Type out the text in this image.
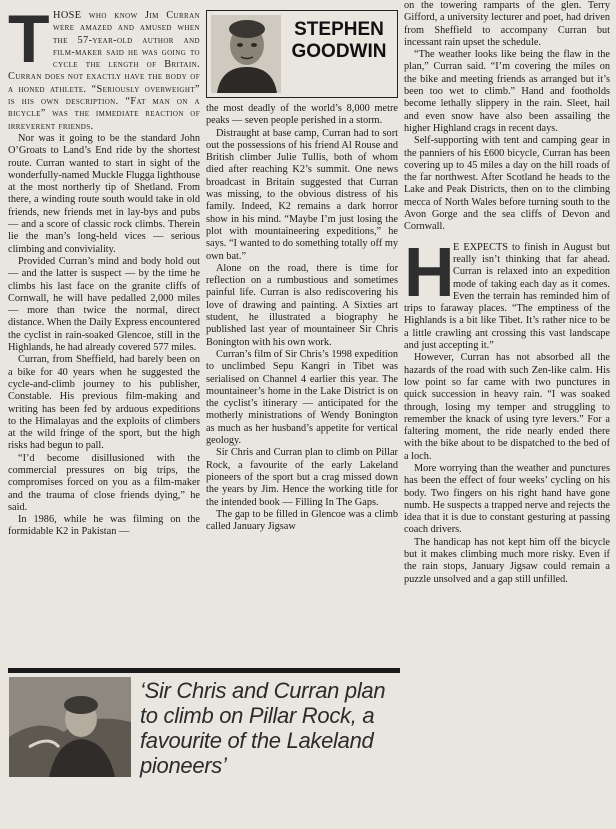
STEPHEN
GOODWIN

THOSE who know Jim Curran were amazed and amused when the 57-year-old author and film-maker said he was going to cycle the length of Britain. Curran does not exactly have the body of a honed athlete. “Seriously overweight” is his own description. “Fat man on a bicycle” was the immediate reaction of irreverent friends.

Nor was it going to be the standard John O’Groats to Land’s End ride by the shortest route. Curran wanted to start in sight of the wonderfully-named Muckle Flugga lighthouse at the most northerly tip of Shetland. From there, a winding route south would take in old friends, new friends met in lay-bys and pubs — and a score of classic rock climbs. Therein lie the man’s long-held vices — serious climbing and conviviality.

Provided Curran’s mind and body hold out — and the latter is suspect — by the time he climbs his last face on the granite cliffs of Cornwall, he will have pedalled 2,000 miles — more than twice the normal, direct distance. When the Daily Express encountered the cyclist in rain-soaked Glencoe, still in the Highlands, he had already covered 577 miles.

Curran, from Sheffield, had barely been on a bike for 40 years when he suggested the cycle-and-climb journey to his publisher, Constable. His previous film-making and writing has been fed by arduous expeditions to the Himalayas and the exploits of climbers at the wild fringe of the sport, but the high risks had begun to pall.

“I’d become disillusioned with the commercial pressures on big trips, the compromises forced on you as a film-maker and the trauma of close friends dying,” he said.

In 1986, while he was filming on the formidable K2 in Pakistan —

the most deadly of the world’s 8,000 metre peaks — seven people perished in a storm.

Distraught at base camp, Curran had to sort out the possessions of his friend Al Rouse and British climber Julie Tullis, both of whom died after reaching K2’s summit. One news broadcast in Britain suggested that Curran was missing, to the obvious distress of his family. Indeed, K2 remains a dark horror show in his mind. “Maybe I’m just losing the plot with mountaineering expeditions,” he says. “I wanted to do something totally off my own bat.”

Alone on the road, there is time for reflection on a rumbustious and sometimes painful life. Curran is also rediscovering his love of drawing and painting. A Sixties art student, he illustrated a biography he published last year of mountaineer Sir Chris Bonington with his own work.

Curran’s film of Sir Chris’s 1998 expedition to unclimbed Sepu Kangri in Tibet was serialised on Channel 4 earlier this year. The mountaineer’s home in the Lake District is on the cyclist’s itinerary — anticipated for the motherly ministrations of Wendy Bonington as much as her husband’s appetite for vertical geology.

Sir Chris and Curran plan to climb on Pillar Rock, a favourite of the early Lakeland pioneers of the sport but a crag missed down the years by Jim. Hence the working title for the intended book — Filling In The Gaps.

The gap to be filled in Glencoe was a climb called January Jigsaw

on the towering ramparts of the glen. Terry Gifford, a university lecturer and poet, had driven from Sheffield to accompany Curran but incessant rain upset the schedule.

“The weather looks like being the flaw in the plan,” Curran said. “I’m covering the miles on the bike and meeting friends as arranged but it’s been too wet to climb.” Hand and footholds become lethally slippery in the rain. Sleet, hail and even snow have also been assailing the higher Highland crags in recent days.

Self-supporting with tent and camping gear in the panniers of his £600 bicycle, Curran has been covering up to 45 miles a day on the hill roads of the far northwest. After Scotland he heads to the Lake and Peak Districts, then on to the climbing mecca of North Wales before turning south to the Avon Gorge and the sea cliffs of Devon and Cornwall.

H
E EXPECTS to finish in August but really isn’t thinking that far ahead. Curran is relaxed into an expedition mode of taking each day as it comes. Even the terrain has reminded him of trips to faraway places. “The emptiness of the Highlands is a bit like Tibet. It’s rather nice to be a little crawling ant crossing this vast landscape and just accepting it.”

However, Curran has not absorbed all the hazards of the road with such Zen-like calm. His low point so far came with two punctures in quick succession in heavy rain. “I was soaked through, losing my temper and struggling to remember the knack of using tyre levers.” For a faltering moment, the ride nearly ended there with the bike about to be dispatched to the bed of a loch.

More worrying than the weather and punctures has been the effect of four weeks’ cycling on his body. Two fingers on his right hand have gone numb. He suspects a trapped nerve and rejects the idea that it is due to constant gesturing at passing coach drivers.

The handicap has not kept him off the bicycle but it makes climbing much more risky. Even if the rain stops, January Jigsaw could remain a puzzle unsolved and a gap still unfilled.

‘Sir Chris and Curran plan to climb on Pillar Rock, a favourite of the Lakeland pioneers’
